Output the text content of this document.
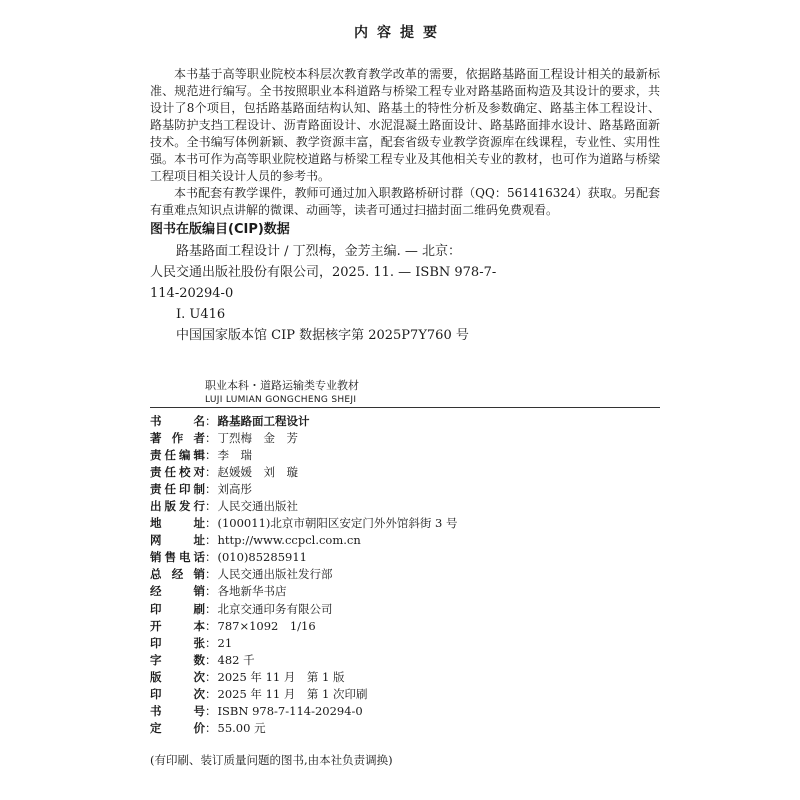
内容提要

本书基于高等职业院校本科层次教育教学改革的需要，依据路基路面工程设计相关的最新标准、规范进行编写。全书按照职业本科道路与桥梁工程专业对路基路面构造及其设计的要求，共设计了8个项目，包括路基路面结构认知、路基土的特性分析及参数确定、路基主体工程设计、路基防护支挡工程设计、沥青路面设计、水泥混凝土路面设计、路基路面排水设计、路基路面新技术。全书编写体例新颖、教学资源丰富，配套省级专业教学资源库在线课程，专业性、实用性强。 本书可作为高等职业院校道路与桥梁工程专业及其他相关专业的教材，也可作为道路与桥梁工程项目相关设计人员的参考书。

本书配套有教学课件，教师可通过加入职教路桥研讨群（QQ：561416324）获取。另配套有重难点知识点讲解的微课、动画等，读者可通过扫描封面二维码免费观看。

图书在版编目(CIP)数据
路基路面工程设计 / 丁烈梅，金芳主编. — 北京：
人民交通出版社股份有限公司，2025. 11. — ISBN 978-7-
114-20294-0
Ⅰ. U416
中国国家版本馆 CIP 数据核字第 2025P7Y760 号
职业本科・道路运输类专业教材
LUJI LUMIAN GONGCHENG SHEJI
书	名 ： 路基路面工程设计
著 作 者 ： 丁烈梅　金　芳
责 任 编 辑 ： 李　瑞
责 任 校 对 ： 赵媛媛　刘　璇
责 任 印 制 ： 刘高彤
出 版 发 行 ： 人民交通出版社
地	址 ： (100011)北京市朝阳区安定门外外馆斜街 3 号
网	址 ： http://www.ccpcl.com.cn
销 售 电 话 ： (010)85285911
总 经 销 ： 人民交通出版社发行部
经	销 ： 各地新华书店
印	刷 ： 北京交通印务有限公司
开	本 ： 787×1092　1/16
印	张 ： 21
字	数 ： 482 千
版	次 ： 2025 年 11 月　第 1 版
印	次 ： 2025 年 11 月　第 1 次印刷
书	号 ： ISBN 978-7-114-20294-0
定	价 ： 55.00 元
(有印刷、装订质量问题的图书,由本社负责调换)
